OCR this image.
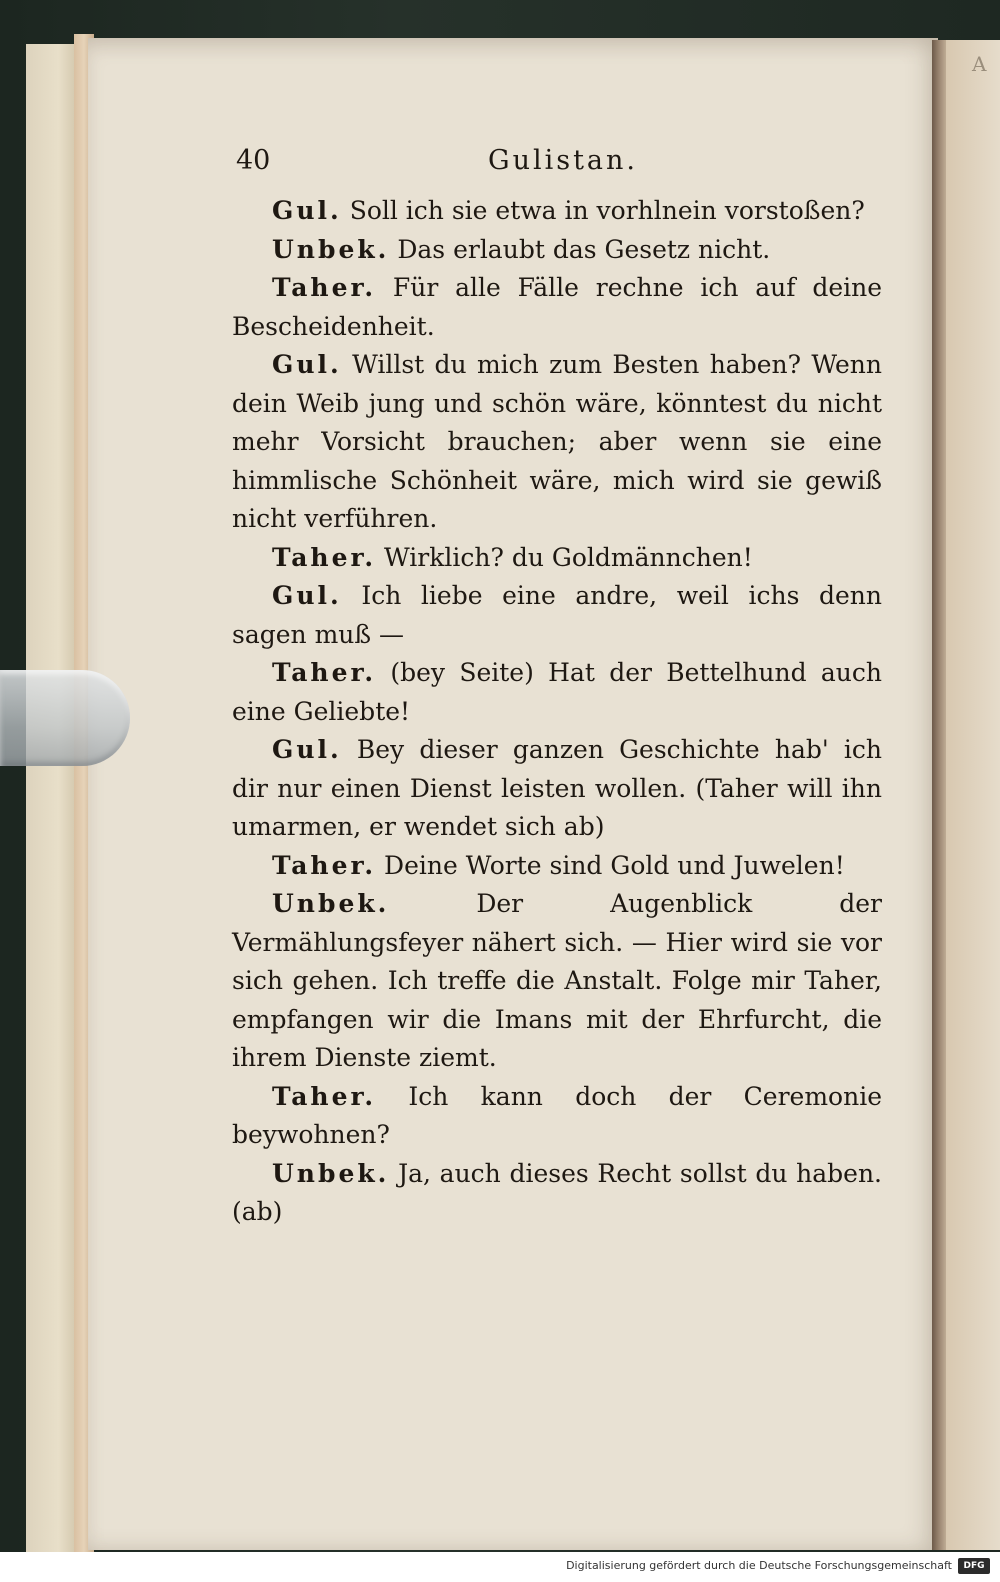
A
40	Gulistan.

Gul. Soll ich sie etwa in vorhlnein vorstoßen?

Unbek. Das erlaubt das Gesetz nicht.

Taher. Für alle Fälle rechne ich auf deine Bescheidenheit.

Gul. Willst du mich zum Besten haben? Wenn dein Weib jung und schön wäre, könntest du nicht mehr Vorsicht brauchen; aber wenn sie eine himmlische Schönheit wäre, mich wird sie gewiß nicht verführen.

Taher. Wirklich? du Goldmännchen!

Gul. Ich liebe eine andre, weil ichs denn sagen muß —

Taher. (bey Seite) Hat der Bettelhund auch eine Geliebte!

Gul. Bey dieser ganzen Geschichte hab' ich dir nur einen Dienst leisten wollen. (Taher will ihn umarmen, er wendet sich ab)

Taher. Deine Worte sind Gold und Juwelen!

Unbek.	Der Augenblick der Vermählungsfeyer nähert sich. — Hier wird sie vor sich gehen. Ich treffe die Anstalt. Folge mir Taher, empfangen wir die Imans mit der Ehrfurcht, die ihrem Dienste ziemt.

Taher. Ich kann doch der Ceremonie beywohnen?

Unbek. Ja, auch dieses Recht sollst du haben. (ab)

Digitalisierung gefördert durch die Deutsche Forschungsgemeinschaft	DFG
